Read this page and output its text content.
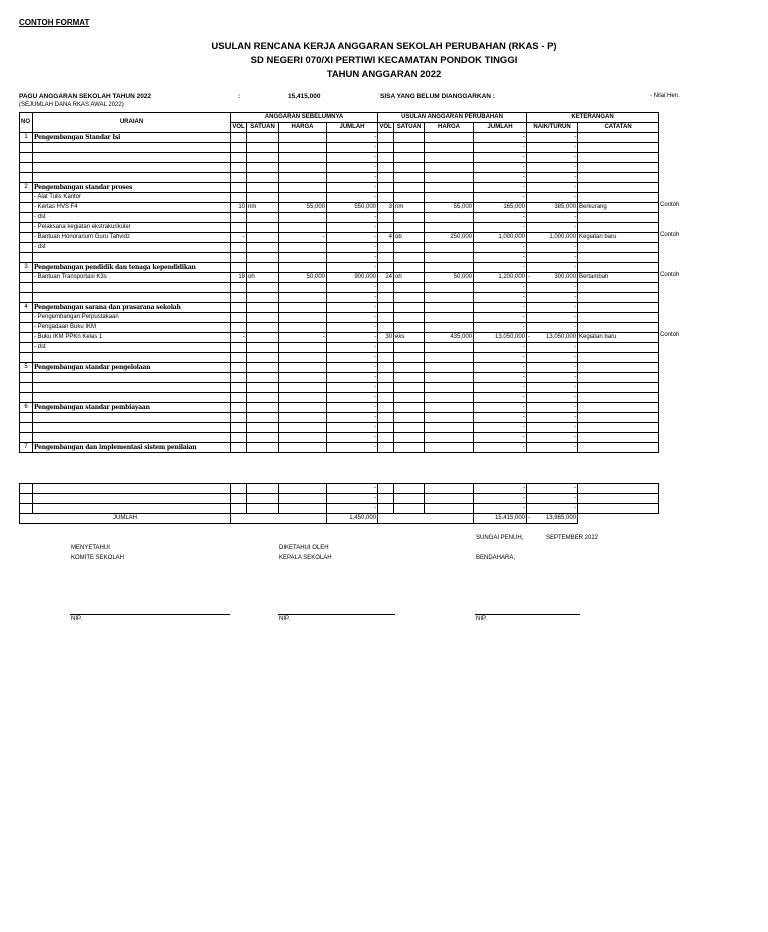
CONTOH FORMAT
USULAN RENCANA KERJA ANGGARAN SEKOLAH PERUBAHAN (RKAS - P)
SD NEGERI 070/XI PERTIWI KECAMATAN PONDOK TINGGI
TAHUN ANGGARAN 2022
PAGU ANGGARAN SEKOLAH TAHUN 2022	:	15,415,000	SISA YANG BELUM DIANGGARKAN :	- Nilai Hen.
(SEJUMLAH DANA RKAS AWAL 2022)
NO	URAIAN	ANGGARAN SEBELUMNYA				USULAN ANGGARAN PERUBAHAN				KETERANGAN	
		VOL	SATUAN	HARGA	JUMLAH	VOL	SATUAN	HARGA	JUMLAH	NAIK/TURUN	CATATAN
1	Pengembangan Standar Isi				-				-	-	
					-				-	-	
					-				-	-	
					-				-	-	
					-				-	-	
2	Pengembangan standar proses				-				-	-	
	- Alat Tulis Kantor				-				-	-	
	- Kertas HVS F4	10	rim	55,000	550,000	3	rim	55,000	165,000	385,000	Berkurang
	- dst				-				-	-	
	- Pelaksana kegiatan ekstrakurikuler				-				-	-	
	- Bantuan Honorarium Guru Tahvidz	-		-	-	4	ob	250,000	1,000,000	1,000,000	Kegiatan baru
	- dst				-				-	-	
					-				-	-	
3	Pengembangan pendidik dan tenaga kependidikan				-				-	-	
	- Bantuan Transportasi K3s	18	oh	50,000	900,000	24	oh	50,000	1,200,000	- 300,000	Bertambah
					-				-	-	
					-				-	-	
4	Pengembangan sarana dan prasarana sekolah				-				-	-	
	- Pengembangan Perpustakaan				-				-	-	
	- Pengadaan Buku IKM				-				-	-	
	- Buku IKM PPKn Kelas 1	-		-	-	30	eks	435,000	13,050,000	- 13,050,000	Kegiatan baru
	- dst				-				-	-	
					-				-	-	
5	Pengembangan standar pengelolaan				-				-	-	
					-				-	-	
					-				-	-	
					-				-	-	
6	Pengembangan standar pembiayaan				-				-	-	
					-				-	-	
					-				-	-	
					-				-	-	
7	Pengembangan dan implementasi sistem penilaian				-				-	-	
					-				-	-	
					-				-	-	
					-				-	-	
JUMLAH					1,450,000				15,415,000	- 13,965,000	
Contoh
Contoh
Contoh
Contoh
SUNGAI PENUH,	SEPTEMBER 2022
MENYETAHUI
KOMITE SEKOLAH
DIKETAHUI OLEH
KEPALA SEKOLAH	BENDAHARA,
NIP.	NIP.	NIP.
